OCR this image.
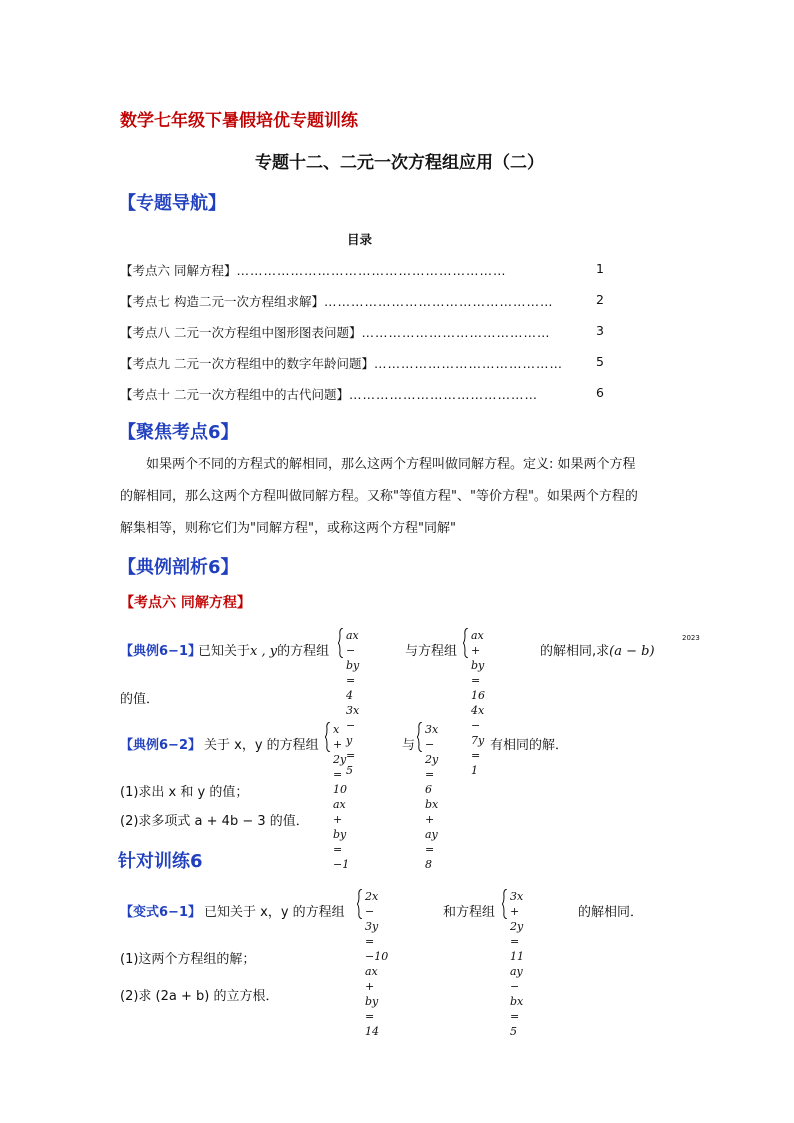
数学七年级下暑假培优专题训练
专题十二、二元一次方程组应用（二）
【专题导航】
目录
【考点六 同解方程】……………………………………………………	1
【考点七 构造二元一次方程组求解】……………………………………………	2
【考点八 二元一次方程组中图形图表问题】……………………………………	3
【考点九 二元一次方程组中的数字年龄问题】……………………………………	5
【考点十 二元一次方程组中的古代问题】……………………………………	6
【聚焦考点6】
如果两个不同的方程式的解相同，那么这两个方程叫做同解方程。定义: 如果两个方程
的解相同，那么这两个方程叫做同解方程。又称"等值方程"、"等价方程"。如果两个方程的
解集相等，则称它们为"同解方程"，或称这两个方程"同解"
【典例剖析6】
【考点六 同解方程】
【典例6−1】
已知关于x , y的方程组
ax − by = 4
3x − y = 5
与方程组
ax + by = 16
4x − 7y = 1
的解相同,求(a − b)
2023
的值．
【典例6−2】 关于 x，y 的方程组
x + 2y = 10
ax + by = −1
与
3x − 2y = 6
bx + ay = 8
有相同的解．
(1)求出 x 和 y 的值；
(2)求多项式 a + 4b − 3 的值．
针对训练6
【变式6−1】 已知关于 x，y 的方程组
2x − 3y = −10
ax + by = 14
和方程组
3x + 2y = 11
ay − bx = 5
的解相同．
(1)这两个方程组的解；
(2)求 (2a + b) 的立方根．
